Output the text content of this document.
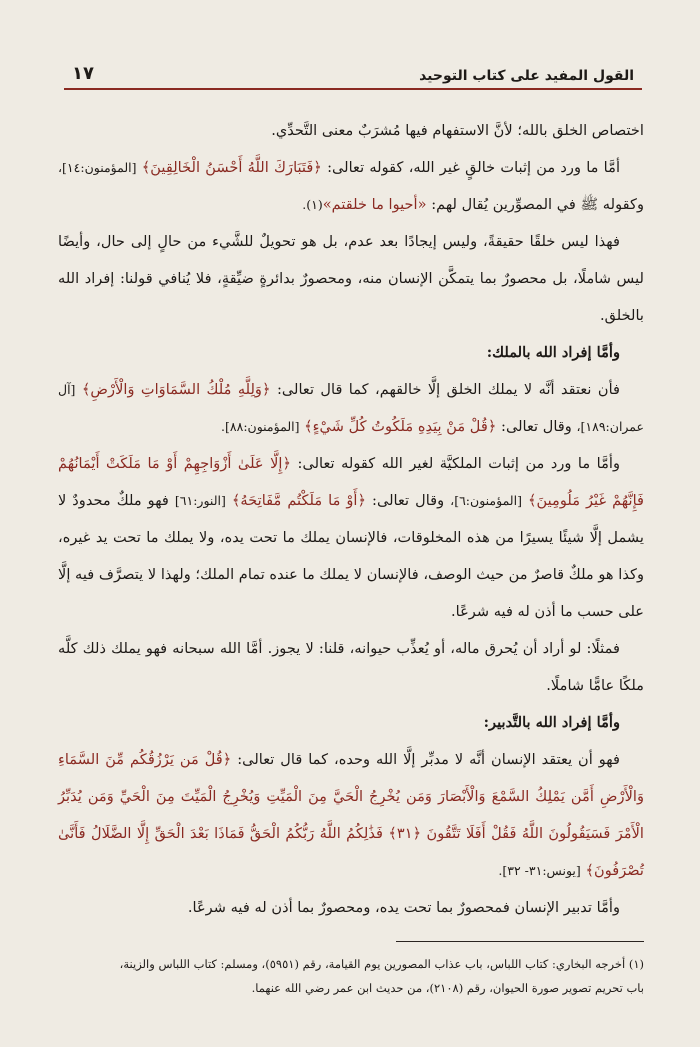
القول المفيد على كتاب التوحيد
١٧

اختصاص الخلق بالله؛ لأنَّ الاستفهام فيها مُشرَبٌ معنى التَّحدِّي.

أمَّا ما ورد من إثبات خالقٍ غير الله، كقوله تعالى: ﴿فَتَبَارَكَ اللَّهُ أَحْسَنُ الْخَالِقِينَ﴾ [المؤمنون:١٤]، وكقوله ﷺ في المصوِّرين يُقال لهم: «أحيوا ما خلقتم»(١).

فهذا ليس خلقًا حقيقةً، وليس إيجادًا بعد عدم، بل هو تحويلٌ للشَّيء من حالٍ إلى حال، وأيضًا ليس شاملًا، بل محصورٌ بما يتمكَّن الإنسان منه، ومحصورٌ بدائرةٍ ضيِّقةٍ، فلا يُنافي قولنا: إفراد الله بالخلق.

وأمَّا إفراد الله بالملك:

فأن نعتقد أنَّه لا يملك الخلق إلَّا خالقهم، كما قال تعالى: ﴿وَلِلَّهِ مُلْكُ السَّمَاوَاتِ وَالْأَرْضِ﴾ [آل عمران:١٨٩]، وقال تعالى: ﴿قُلْ مَنْ بِيَدِهِ مَلَكُوتُ كُلِّ شَيْءٍ﴾ [المؤمنون:٨٨].

وأمَّا ما ورد من إثبات الملكيَّة لغير الله كقوله تعالى: ﴿إِلَّا عَلَىٰ أَزْوَاجِهِمْ أَوْ مَا مَلَكَتْ أَيْمَانُهُمْ فَإِنَّهُمْ غَيْرُ مَلُومِينَ﴾ [المؤمنون:٦]، وقال تعالى: ﴿أَوْ مَا مَلَكْتُم مَّفَاتِحَهُ﴾ [النور:٦١] فهو ملكٌ محدودٌ لا يشمل إلَّا شيئًا يسيرًا من هذه المخلوقات، فالإنسان يملك ما تحت يده، ولا يملك ما تحت يد غيره، وكذا هو ملكٌ قاصرٌ من حيث الوصف، فالإنسان لا يملك ما عنده تمام الملك؛ ولهذا لا يتصرَّف فيه إلَّا على حسب ما أذن له فيه شرعًا.

فمثلًا: لو أراد أن يُحرق ماله، أو يُعذِّب حيوانه، قلنا: لا يجوز. أمَّا الله سبحانه فهو يملك ذلك كلَّه ملكًا عامًّا شاملًا.

وأمَّا إفراد الله بالتَّدبير:

فهو أن يعتقد الإنسان أنَّه لا مدبِّر إلَّا الله وحده، كما قال تعالى: ﴿قُلْ مَن يَرْزُقُكُم مِّنَ السَّمَاءِ وَالْأَرْضِ أَمَّن يَمْلِكُ السَّمْعَ وَالْأَبْصَارَ وَمَن يُخْرِجُ الْحَيَّ مِنَ الْمَيِّتِ وَيُخْرِجُ الْمَيِّتَ مِنَ الْحَيِّ وَمَن يُدَبِّرُ الْأَمْرَ فَسَيَقُولُونَ اللَّهُ فَقُلْ أَفَلَا تَتَّقُونَ ﴿٣١﴾ فَذَٰلِكُمُ اللَّهُ رَبُّكُمُ الْحَقُّ فَمَاذَا بَعْدَ الْحَقِّ إِلَّا الضَّلَالُ فَأَنَّىٰ تُصْرَفُونَ﴾ [يونس:٣١- ٣٢].

وأمَّا تدبير الإنسان فمحصورٌ بما تحت يده، ومحصورٌ بما أذن له فيه شرعًا.

(١) أخرجه البخاري: كتاب اللباس، باب عذاب المصورين يوم القيامة، رقم (٥٩٥١)، ومسلم: كتاب اللباس والزينة،

باب تحريم تصوير صورة الحيوان، رقم (٢١٠٨)، من حديث ابن عمر رضي الله عنهما.
